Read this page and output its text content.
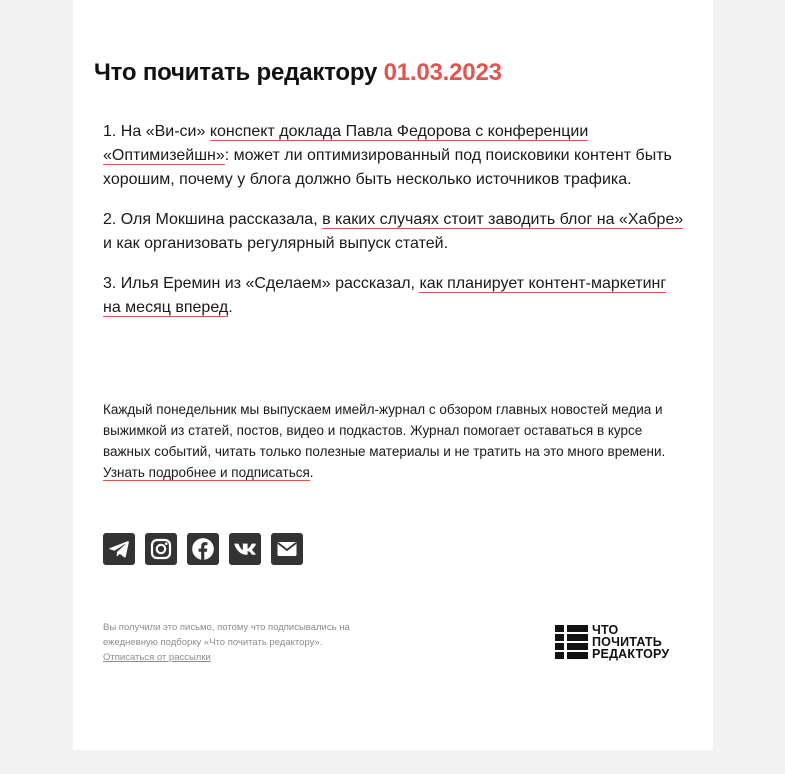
Что почитать редактору 01.03.2023

1. На «Ви-си» конспект доклада Павла Федорова с конференции «Оптимизейшн»: может ли оптимизированный под поисковики контент быть хорошим, почему у блога должно быть несколько источников трафика.

2. Оля Мокшина рассказала, в каких случаях стоит заводить блог на «Хабре» и как организовать регулярный выпуск статей.

3. Илья Еремин из «Сделаем» рассказал, как планирует контент-маркетинг на месяц вперед.

Каждый понедельник мы выпускаем имейл-журнал с обзором главных новостей медиа и выжимкой из статей, постов, видео и подкастов. Журнал помогает оставаться в курсе важных событий, читать только полезные материалы и не тратить на это много времени. Узнать подробнее и подписаться.

Вы получили это письмо, потому что подписывались на ежедневную подборку «Что почитать редактору».
Отписаться от рассылки

ЧТО
ПОЧИТАТЬ
РЕДАКТОРУ
